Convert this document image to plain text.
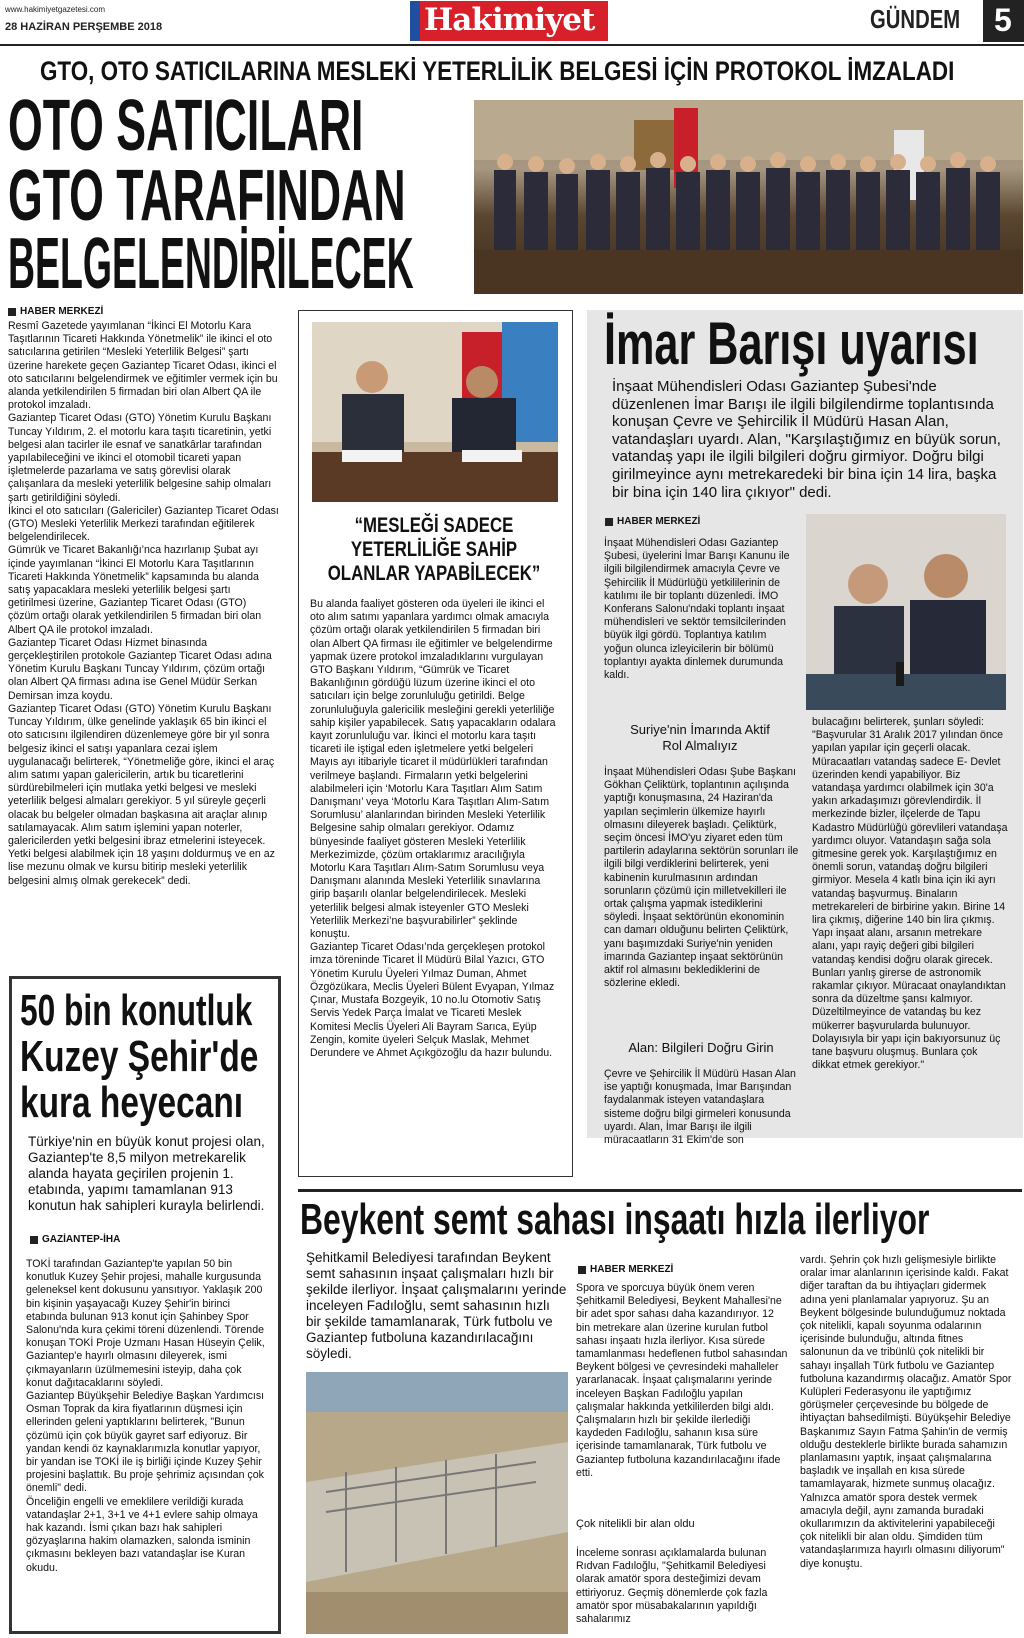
www.hakimiyetgazetesi.com
28 HAZİRAN PERŞEMBE 2018	Hakimiyet	GÜNDEM 5
GTO, OTO SATICILARINA MESLEKİ YETERLİLİK BELGESİ İÇİN PROTOKOL İMZALADI
OTO SATICILARI
GTO TARAFINDAN
BELGELENDİRİLECEK
HABER MERKEZİ

Resmî Gazetede yayımlanan “İkinci El Motorlu Kara Taşıtlarının Ticareti Hakkında Yönetmelik” ile ikinci el oto satıcılarına getirilen “Mesleki Yeterlilik Belgesi” şartı üzerine harekete geçen Gaziantep Ticaret Odası, ikinci el oto satıcılarını belgelendirmek ve eğitimler vermek için bu alanda yetkilendirilen 5 firmadan biri olan Albert QA ile protokol imzaladı.

Gaziantep Ticaret Odası (GTO) Yönetim Kurulu Başkanı Tuncay Yıldırım, 2. el motorlu kara taşıtı ticaretinin, yetki belgesi alan tacirler ile esnaf ve sanatkârlar tarafından yapılabileceğini ve ikinci el otomobil ticareti yapan işletmelerde pazarlama ve satış görevlisi olarak çalışanlara da mesleki yeterlilik belgesine sahip olmaları şartı getirildiğini söyledi.

İkinci el oto satıcıları (Galericiler) Gaziantep Ticaret Odası (GTO) Mesleki Yeterlilik Merkezi tarafından eğitilerek belgelendirilecek.

Gümrük ve Ticaret Bakanlığı’nca hazırlanıp Şubat ayı içinde yayımlanan “İkinci El Motorlu Kara Taşıtlarının Ticareti Hakkında Yönetmelik” kapsamında bu alanda satış yapacaklara mesleki yeterlilik belgesi şartı getirilmesi üzerine, Gaziantep Ticaret Odası (GTO) çözüm ortağı olarak yetkilendirilen 5 firmadan biri olan Albert QA ile protokol imzaladı.

Gaziantep Ticaret Odası Hizmet binasında gerçekleştirilen protokole Gaziantep Ticaret Odası adına Yönetim Kurulu Başkanı Tuncay Yıldırım, çözüm ortağı olan Albert QA firması adına ise Genel Müdür Serkan Demirsan imza koydu.

Gaziantep Ticaret Odası (GTO) Yönetim Kurulu Başkanı Tuncay Yıldırım, ülke genelinde yaklaşık 65 bin ikinci el oto satıcısını ilgilendiren düzenlemeye göre bir yıl sonra belgesiz ikinci el satışı yapanlara cezai işlem uygulanacağı belirterek, “Yönetmeliğe göre, ikinci el araç alım satımı yapan galericilerin, artık bu ticaretlerini sürdürebilmeleri için mutlaka yetki belgesi ve mesleki yeterlilik belgesi almaları gerekiyor. 5 yıl süreyle geçerli olacak bu belgeler olmadan başkasına ait araçlar alınıp satılamayacak. Alım satım işlemini yapan noterler, galericilerden yetki belgesini ibraz etmelerini isteyecek. Yetki belgesi alabilmek için 18 yaşını doldurmuş ve en az lise mezunu olmak ve kursu bitirip mesleki yeterlilik belgesini almış olmak gerekecek” dedi.

“MESLEĞİ SADECE YETERLİLİĞE SAHİP OLANLAR YAPABİLECEK”

Bu alanda faaliyet gösteren oda üyeleri ile ikinci el oto alım satımı yapanlara yardımcı olmak amacıyla çözüm ortağı olarak yetkilendirilen 5 firmadan biri olan Albert QA firması ile eğitimler ve belgelendirme yapmak üzere protokol imzaladıklarını vurgulayan GTO Başkanı Yıldırım, “Gümrük ve Ticaret Bakanlığının gördüğü lüzum üzerine ikinci el oto satıcıları için belge zorunluluğu getirildi. Belge zorunluluğuyla galericilik mesleğini gerekli yeterliliğe sahip kişiler yapabilecek. Satış yapacakların odalara kayıt zorunluluğu var. İkinci el motorlu kara taşıtı ticareti ile iştigal eden işletmelere yetki belgeleri Mayıs ayı itibariyle ticaret il müdürlükleri tarafından verilmeye başlandı. Firmaların yetki belgelerini alabilmeleri için ‘Motorlu Kara Taşıtları Alım Satım Danışmanı’ veya ‘Motorlu Kara Taşıtları Alım-Satım Sorumlusu’ alanlarından birinden Mesleki Yeterlilik Belgesine sahip olmaları gerekiyor. Odamız bünyesinde faaliyet gösteren Mesleki Yeterlilik Merkezimizde, çözüm ortaklarımız aracılığıyla Motorlu Kara Taşıtları Alım-Satım Sorumlusu veya Danışmanı alanında Mesleki Yeterlilik sınavlarına girip başarılı olanlar belgelendirilecek. Mesleki yeterlilik belgesi almak isteyenler GTO Mesleki Yeterlilik Merkezi’ne başvurabilirler” şeklinde konuştu.

Gaziantep Ticaret Odası’nda gerçekleşen protokol imza töreninde Ticaret İl Müdürü Bilal Yazıcı, GTO Yönetim Kurulu Üyeleri Yılmaz Duman, Ahmet Özgözükara, Meclis Üyeleri Bülent Evyapan, Yılmaz Çınar, Mustafa Bozgeyik, 10 no.lu Otomotiv Satış Servis Yedek Parça İmalat ve Ticareti Meslek Komitesi Meclis Üyeleri Ali Bayram Sarıca, Eyüp Zengin, komite üyeleri Selçuk Maslak, Mehmet Derundere ve Ahmet Açıkgözoğlu da hazır bulundu.

İmar Barışı uyarısı
İnşaat Mühendisleri Odası Gaziantep Şubesi'nde düzenlenen İmar Barışı ile ilgili bilgilendirme toplantısında konuşan Çevre ve Şehircilik İl Müdürü Hasan Alan, vatandaşları uyardı. Alan, "Karşılaştığımız en büyük sorun, vatandaş yapı ile ilgili bilgileri doğru girmiyor. Doğru bilgi girilmeyince aynı metrekaredeki bir bina için 14 lira, başka bir bina için 140 lira çıkıyor" dedi.
HABER MERKEZİ
İnşaat Mühendisleri Odası Gaziantep Şubesi, üyelerini İmar Barışı Kanunu ile ilgili bilgilendirmek amacıyla Çevre ve Şehircilik İl Müdürlüğü yetkililerinin de katılımı ile bir toplantı düzenledi. İMO Konferans Salonu'ndaki toplantı inşaat mühendisleri ve sektör temsilcilerinden büyük ilgi gördü. Toplantıya katılım yoğun olunca izleyicilerin bir bölümü toplantıyı ayakta dinlemek durumunda kaldı.
Suriye'nin İmarında Aktif Rol Almalıyız
İnşaat Mühendisleri Odası Şube Başkanı Gökhan Çeliktürk, toplantının açılışında yaptığı konuşmasına, 24 Haziran'da yapılan seçimlerin ülkemize hayırlı olmasını dileyerek başladı. Çeliktürk, seçim öncesi İMO'yu ziyaret eden tüm partilerin adaylarına sektörün sorunları ile ilgili bilgi verdiklerini belirterek, yeni kabinenin kurulmasının ardından sorunların çözümü için milletvekilleri ile ortak çalışma yapmak istediklerini söyledi. İnşaat sektörünün ekonominin can damarı olduğunu belirten Çeliktürk, yanı başımızdaki Suriye'nin yeniden imarında Gaziantep inşaat sektörünün aktif rol almasını beklediklerini de sözlerine ekledi.
Alan: Bilgileri Doğru Girin
Çevre ve Şehircilik İl Müdürü Hasan Alan ise yaptığı konuşmada, İmar Barışından faydalanmak isteyen vatandaşlara sisteme doğru bilgi girmeleri konusunda uyardı. Alan, İmar Barışı ile ilgili müracaatların 31 Ekim'de son
bulacağını belirterek, şunları söyledi: "Başvurular 31 Aralık 2017 yılından önce yapılan yapılar için geçerli olacak. Müracaatları vatandaş sadece E- Devlet üzerinden kendi yapabiliyor. Biz vatandaşa yardımcı olabilmek için 30'a yakın arkadaşımızı görevlendirdik. İl merkezinde bizler, ilçelerde de Tapu Kadastro Müdürlüğü görevlileri vatandaşa yardımcı oluyor. Vatandaşın sağa sola gitmesine gerek yok. Karşılaştığımız en önemli sorun, vatandaş doğru bilgileri girmiyor. Mesela 4 katlı bina için iki ayrı vatandaş başvurmuş. Binaların metrekareleri de birbirine yakın. Birine 14 lira çıkmış, diğerine 140 bin lira çıkmış. Yapı inşaat alanı, arsanın metrekare alanı, yapı rayiç değeri gibi bilgileri vatandaş kendisi doğru olarak girecek. Bunları yanlış girerse de astronomik rakamlar çıkıyor. Müracaat onaylandıktan sonra da düzeltme şansı kalmıyor. Düzeltilmeyince de vatandaş bu kez mükerrer başvurularda bulunuyor. Dolayısıyla bir yapı için bakıyorsunuz üç tane başvuru oluşmuş. Bunlara çok dikkat etmek gerekiyor."
50 bin konutluk
Kuzey Şehir'de
kura heyecanı
Türkiye'nin en büyük konut projesi olan, Gaziantep'te 8,5 milyon metrekarelik alanda hayata geçirilen projenin 1. etabında, yapımı tamamlanan 913 konutun hak sahipleri kurayla belirlendi.
GAZİANTEP-İHA
TOKİ tarafından Gaziantep'te yapılan 50 bin konutluk Kuzey Şehir projesi, mahalle kurgusunda geleneksel kent dokusunu yansıtıyor. Yaklaşık 200 bin kişinin yaşayacağı Kuzey Şehir'in birinci etabında bulunan 913 konut için Şahinbey Spor Salonu'nda kura çekimi töreni düzenlendi. Törende konuşan TOKİ Proje Uzmanı Hasan Hüseyin Çelik, Gaziantep'e hayırlı olmasını dileyerek, ismi çıkmayanların üzülmemesini isteyip, daha çok konut dağıtacaklarını söyledi.
Gaziantep Büyükşehir Belediye Başkan Yardımcısı Osman Toprak da kira fiyatlarının düşmesi için ellerinden geleni yaptıklarını belirterek, "Bunun çözümü için çok büyük gayret sarf ediyoruz. Bir yandan kendi öz kaynaklarımızla konutlar yapıyor, bir yandan ise TOKİ ile iş birliği içinde Kuzey Şehir projesini başlattık. Bu proje şehrimiz açısından çok önemli" dedi.
Önceliğin engelli ve emeklilere verildiği kurada vatandaşlar 2+1, 3+1 ve 4+1 evlere sahip olmaya hak kazandı. İsmi çıkan bazı hak sahipleri gözyaşlarına hakim olamazken, salonda isminin çıkmasını bekleyen bazı vatandaşlar ise Kuran okudu.
Beykent semt sahası inşaatı hızla ilerliyor
Şehitkamil Belediyesi tarafından Beykent semt sahasının inşaat çalışmaları hızlı bir şekilde ilerliyor. İnşaat çalışmalarını yerinde inceleyen Fadıloğlu, semt sahasının hızlı bir şekilde tamamlanarak, Türk futbolu ve Gaziantep futboluna kazandırılacağını söyledi.
HABER MERKEZİ
Spora ve sporcuya büyük önem veren Şehitkamil Belediyesi, Beykent Mahallesi'ne bir adet spor sahası daha kazandırıyor. 12 bin metrekare alan üzerine kurulan futbol sahası inşaatı hızla ilerliyor. Kısa sürede tamamlanması hedeflenen futbol sahasından Beykent bölgesi ve çevresindeki mahalleler yararlanacak. İnşaat çalışmalarını yerinde inceleyen Başkan Fadıloğlu yapılan çalışmalar hakkında yetkililerden bilgi aldı. Çalışmaların hızlı bir şekilde ilerlediği kaydeden Fadıloğlu, sahanın kısa süre içerisinde tamamlanarak, Türk futbolu ve Gaziantep futboluna kazandırılacağını ifade etti.
Çok nitelikli bir alan oldu
İnceleme sonrası açıklamalarda bulunan Rıdvan Fadıloğlu, "Şehitkamil Belediyesi olarak amatör spora desteğimizi devam ettiriyoruz. Geçmiş dönemlerde çok fazla amatör spor müsabakalarının yapıldığı sahalarımız
vardı. Şehrin çok hızlı gelişmesiyle birlikte oralar imar alanlarının içerisinde kaldı. Fakat diğer taraftan da bu ihtiyaçları gidermek adına yeni planlamalar yapıyoruz. Şu an Beykent bölgesinde bulunduğumuz noktada çok nitelikli, kapalı soyunma odalarının içerisinde bulunduğu, altında fitnes salonunun da ve tribünlü çok nitelikli bir sahayı inşallah Türk futbolu ve Gaziantep futboluna kazandırmış olacağız. Amatör Spor Kulüpleri Federasyonu ile yaptığımız görüşmeler çerçevesinde bu bölgede de ihtiyaçtan bahsedilmişti. Büyükşehir Belediye Başkanımız Sayın Fatma Şahin'in de vermiş olduğu desteklerle birlikte burada sahamızın planlamasını yaptık, inşaat çalışmalarına başladık ve inşallah en kısa sürede tamamlayarak, hizmete sunmuş olacağız. Yalnızca amatör spora destek vermek amacıyla değil, aynı zamanda buradaki okullarımızın da aktivitelerini yapabileceği çok nitelikli bir alan oldu. Şimdiden tüm vatandaşlarımıza hayırlı olmasını diliyorum" diye konuştu.
